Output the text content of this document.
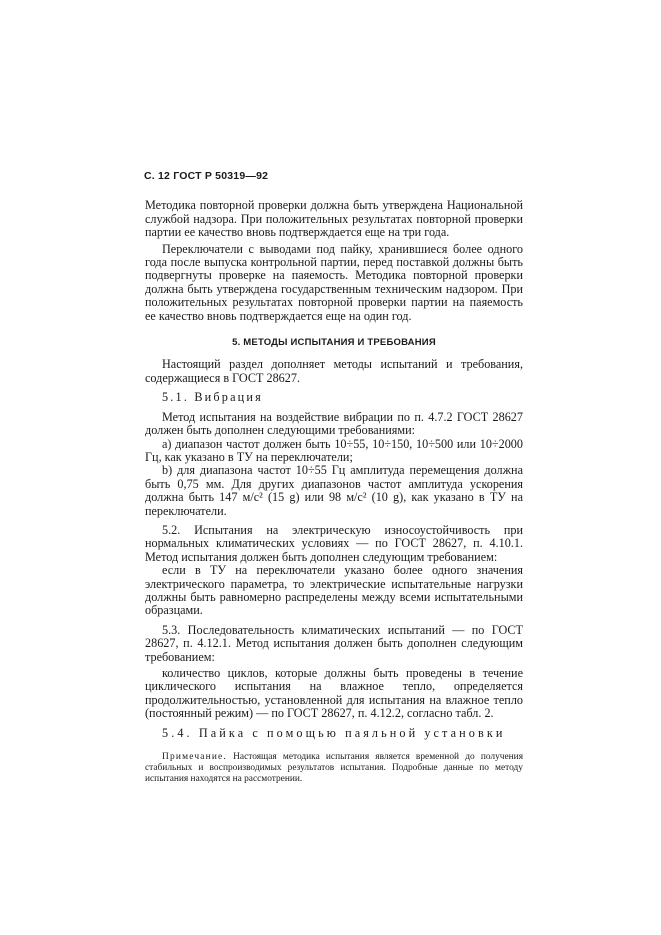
С. 12 ГОСТ Р 50319—92

Методика повторной проверки должна быть утверждена Национальной службой надзора. При положительных результатах повторной проверки партии ее качество вновь подтверждается еще на три года.

Переключатели с выводами под пайку, хранившиеся более одного года после выпуска контрольной партии, перед поставкой должны быть подвергнуты проверке на паяемость. Методика повторной проверки должна быть утверждена государственным техническим надзором. При положительных результатах повторной проверки партии на паяемость ее качество вновь подтверждается еще на один год.

5. МЕТОДЫ ИСПЫТАНИЯ И ТРЕБОВАНИЯ

Настоящий раздел дополняет методы испытаний и требования, содержащиеся в ГОСТ 28627.

5.1. Вибрация

Метод испытания на воздействие вибрации по п. 4.7.2 ГОСТ 28627 должен быть дополнен следующими требованиями:

а) диапазон частот должен быть 10÷55, 10÷150, 10÷500 или 10÷2000 Гц, как указано в ТУ на переключатели;

b) для диапазона частот 10÷55 Гц амплитуда перемещения должна быть 0,75 мм. Для других диапазонов частот амплитуда ускорения должна быть 147 м/с² (15 g) или 98 м/с² (10 g), как указано в ТУ на переключатели.

5.2. Испытания на электрическую износоустойчивость при нормальных климатических условиях — по ГОСТ 28627, п. 4.10.1. Метод испытания должен быть дополнен следующим требованием:

если в ТУ на переключатели указано более одного значения электрического параметра, то электрические испытательные нагрузки должны быть равномерно распределены между всеми испытательными образцами.

5.3. Последовательность климатических испытаний — по ГОСТ 28627, п. 4.12.1. Метод испытания должен быть дополнен следующим требованием:

количество циклов, которые должны быть проведены в течение циклического испытания на влажное тепло, определяется продолжительностью, установленной для испытания на влажное тепло (постоянный режим) — по ГОСТ 28627, п. 4.12.2, согласно табл. 2.

5.4. Пайка с помощью паяльной установки

Примечание. Настоящая методика испытания является временной до получения стабильных и воспроизводимых результатов испытания. Подробные данные по методу испытания находятся на рассмотрении.
